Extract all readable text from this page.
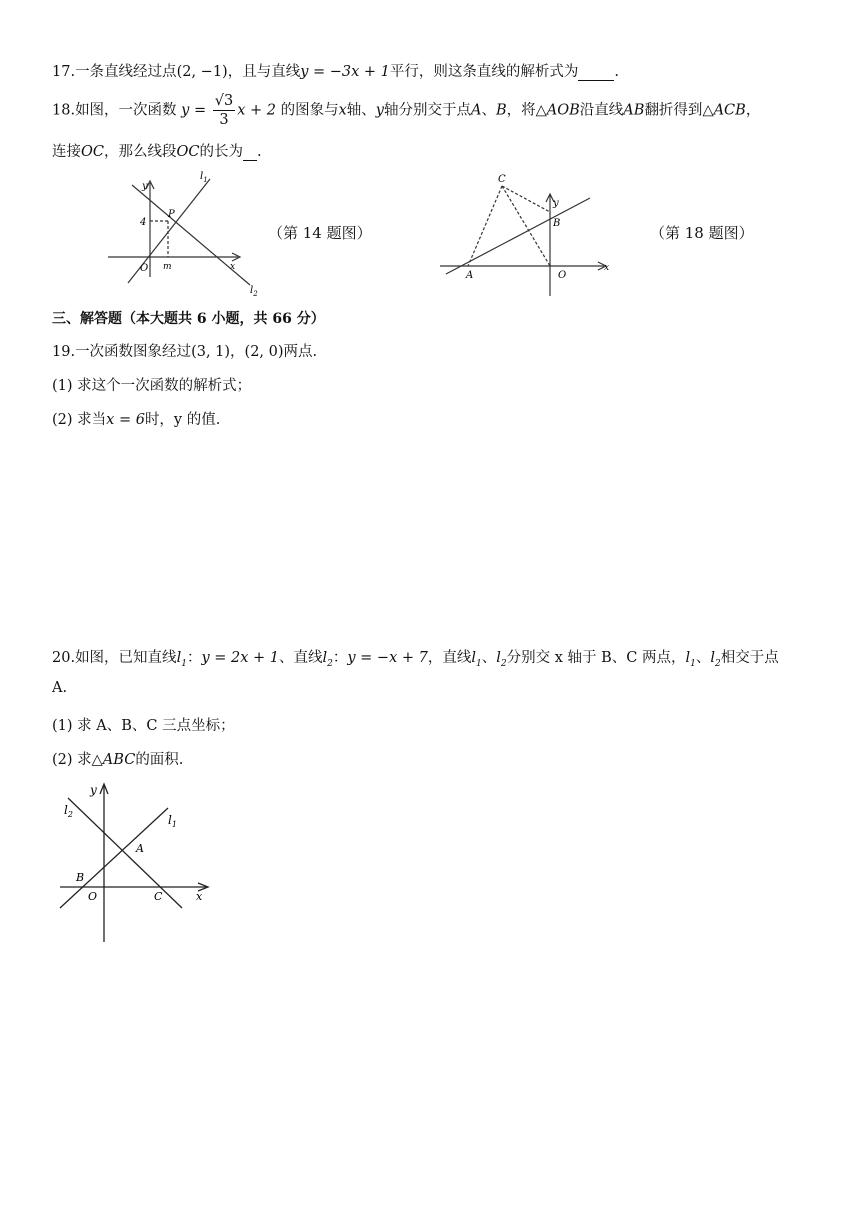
17.一条直线经过点(2, −1)，且与直线y = −3x + 1平行，则这条直线的解析式为 .
18.如图，一次函数 $y = \frac{√3}{3}$ x + 2 的图象与x轴、y轴分别交于点A、B，将△AOB沿直线AB翻折得到△ACB，
连接OC，那么线段OC的长为 .
y
$l_1$
P
4
O m	x
$l_2$
（第 14 题图）
C
y
B
A	O
x
（第 18 题图）
三、解答题（本大题共 6 小题，共 66 分）
19.一次函数图象经过(3, 1)，(2, 0)两点.
(1) 求这个一次函数的解析式；
(2) 求当x = 6时，y 的值.
20.如图，已知直线$l_1$：y = 2x + 1、直线$l_2$：y = −x + 7，直线$l_1$、$l_2$分别交 x 轴于 B、C 两点，$l_1$、$l_2$相交于点
A.
(1) 求 A、B、C 三点坐标；
(2) 求△ABC的面积.
y
$l_2$	$l_1$
A
B
O	C	x
